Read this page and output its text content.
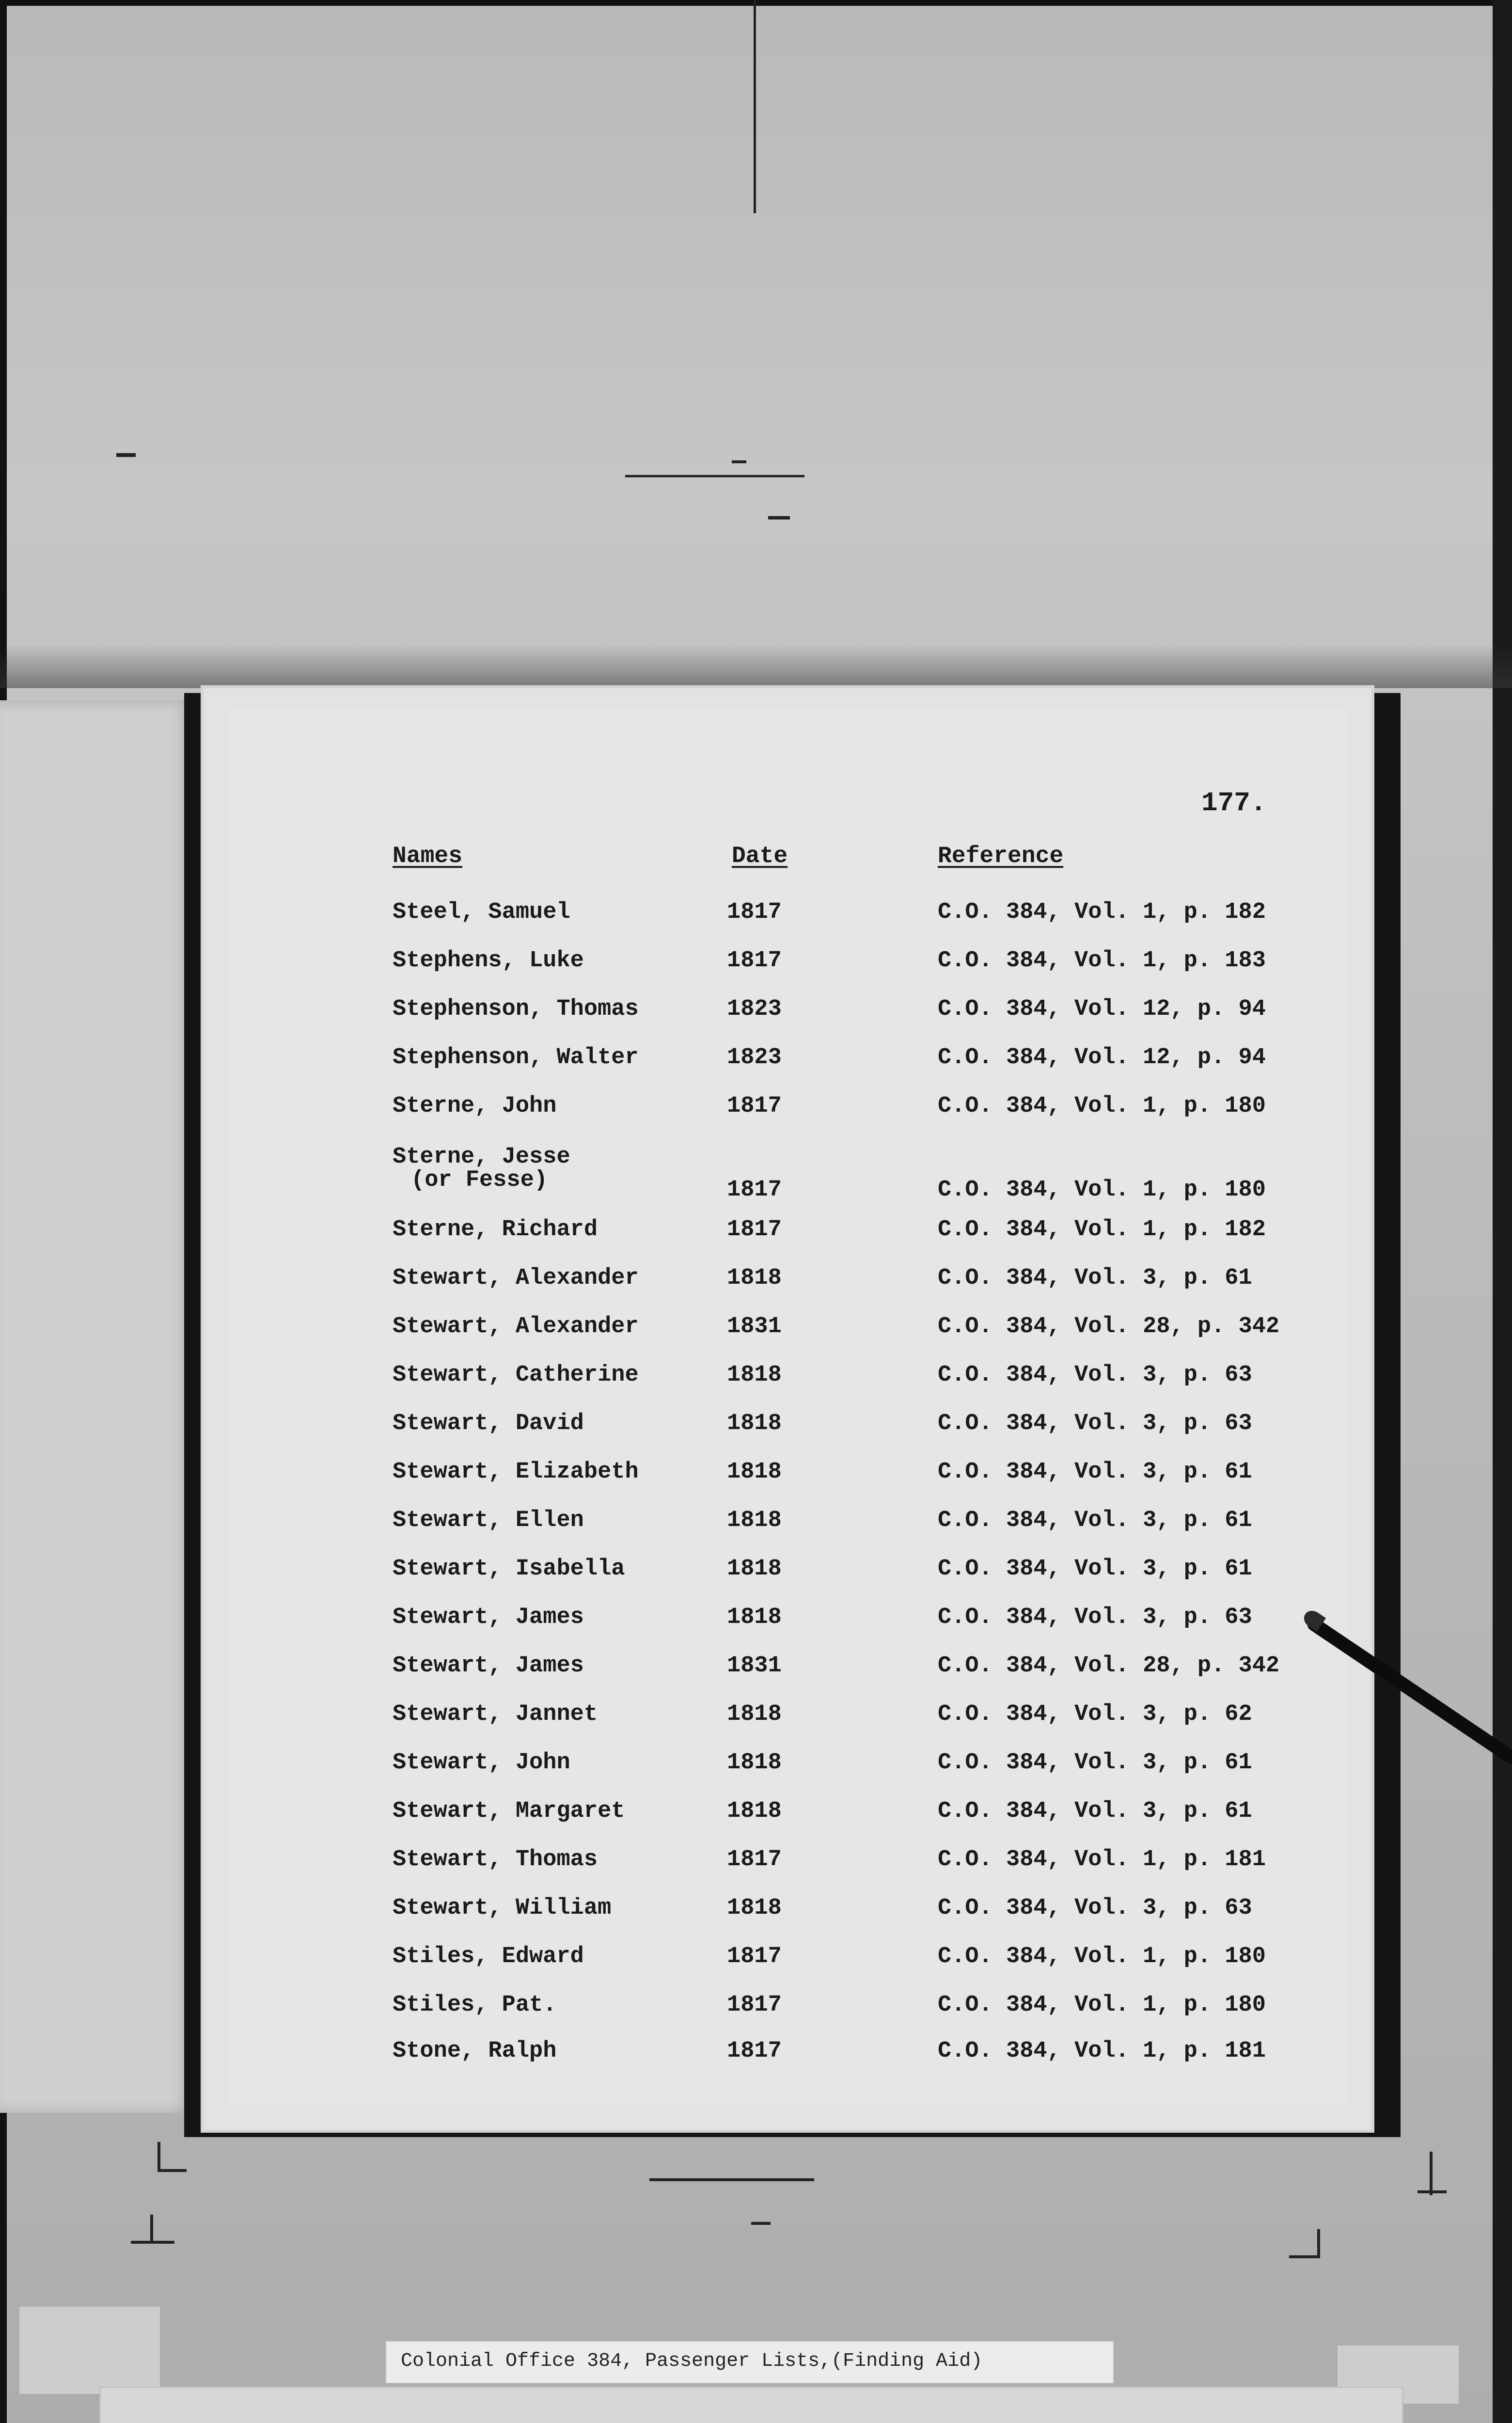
177.
Names	Date	Reference
Steel, Samuel	1817	C.O. 384, Vol. 1, p. 182
Stephens, Luke	1817	C.O. 384, Vol. 1, p. 183
Stephenson, Thomas	1823	C.O. 384, Vol. 12, p. 94
Stephenson, Walter	1823	C.O. 384, Vol. 12, p. 94
Sterne, John	1817	C.O. 384, Vol. 1, p. 180
Sterne, Jesse
(or Fesse)	1817	C.O. 384, Vol. 1, p. 180
Sterne, Richard	1817	C.O. 384, Vol. 1, p. 182
Stewart, Alexander	1818	C.O. 384, Vol. 3, p. 61
Stewart, Alexander	1831	C.O. 384, Vol. 28, p. 342
Stewart, Catherine	1818	C.O. 384, Vol. 3, p. 63
Stewart, David	1818	C.O. 384, Vol. 3, p. 63
Stewart, Elizabeth	1818	C.O. 384, Vol. 3, p. 61
Stewart, Ellen	1818	C.O. 384, Vol. 3, p. 61
Stewart, Isabella	1818	C.O. 384, Vol. 3, p. 61
Stewart, James	1818	C.O. 384, Vol. 3, p. 63
Stewart, James	1831	C.O. 384, Vol. 28, p. 342
Stewart, Jannet	1818	C.O. 384, Vol. 3, p. 62
Stewart, John	1818	C.O. 384, Vol. 3, p. 61
Stewart, Margaret	1818	C.O. 384, Vol. 3, p. 61
Stewart, Thomas	1817	C.O. 384, Vol. 1, p. 181
Stewart, William	1818	C.O. 384, Vol. 3, p. 63
Stiles, Edward	1817	C.O. 384, Vol. 1, p. 180
Stiles, Pat.	1817	C.O. 384, Vol. 1, p. 180
Stone, Ralph	1817	C.O. 384, Vol. 1, p. 181
Colonial Office 384, Passenger Lists,(Finding Aid)
